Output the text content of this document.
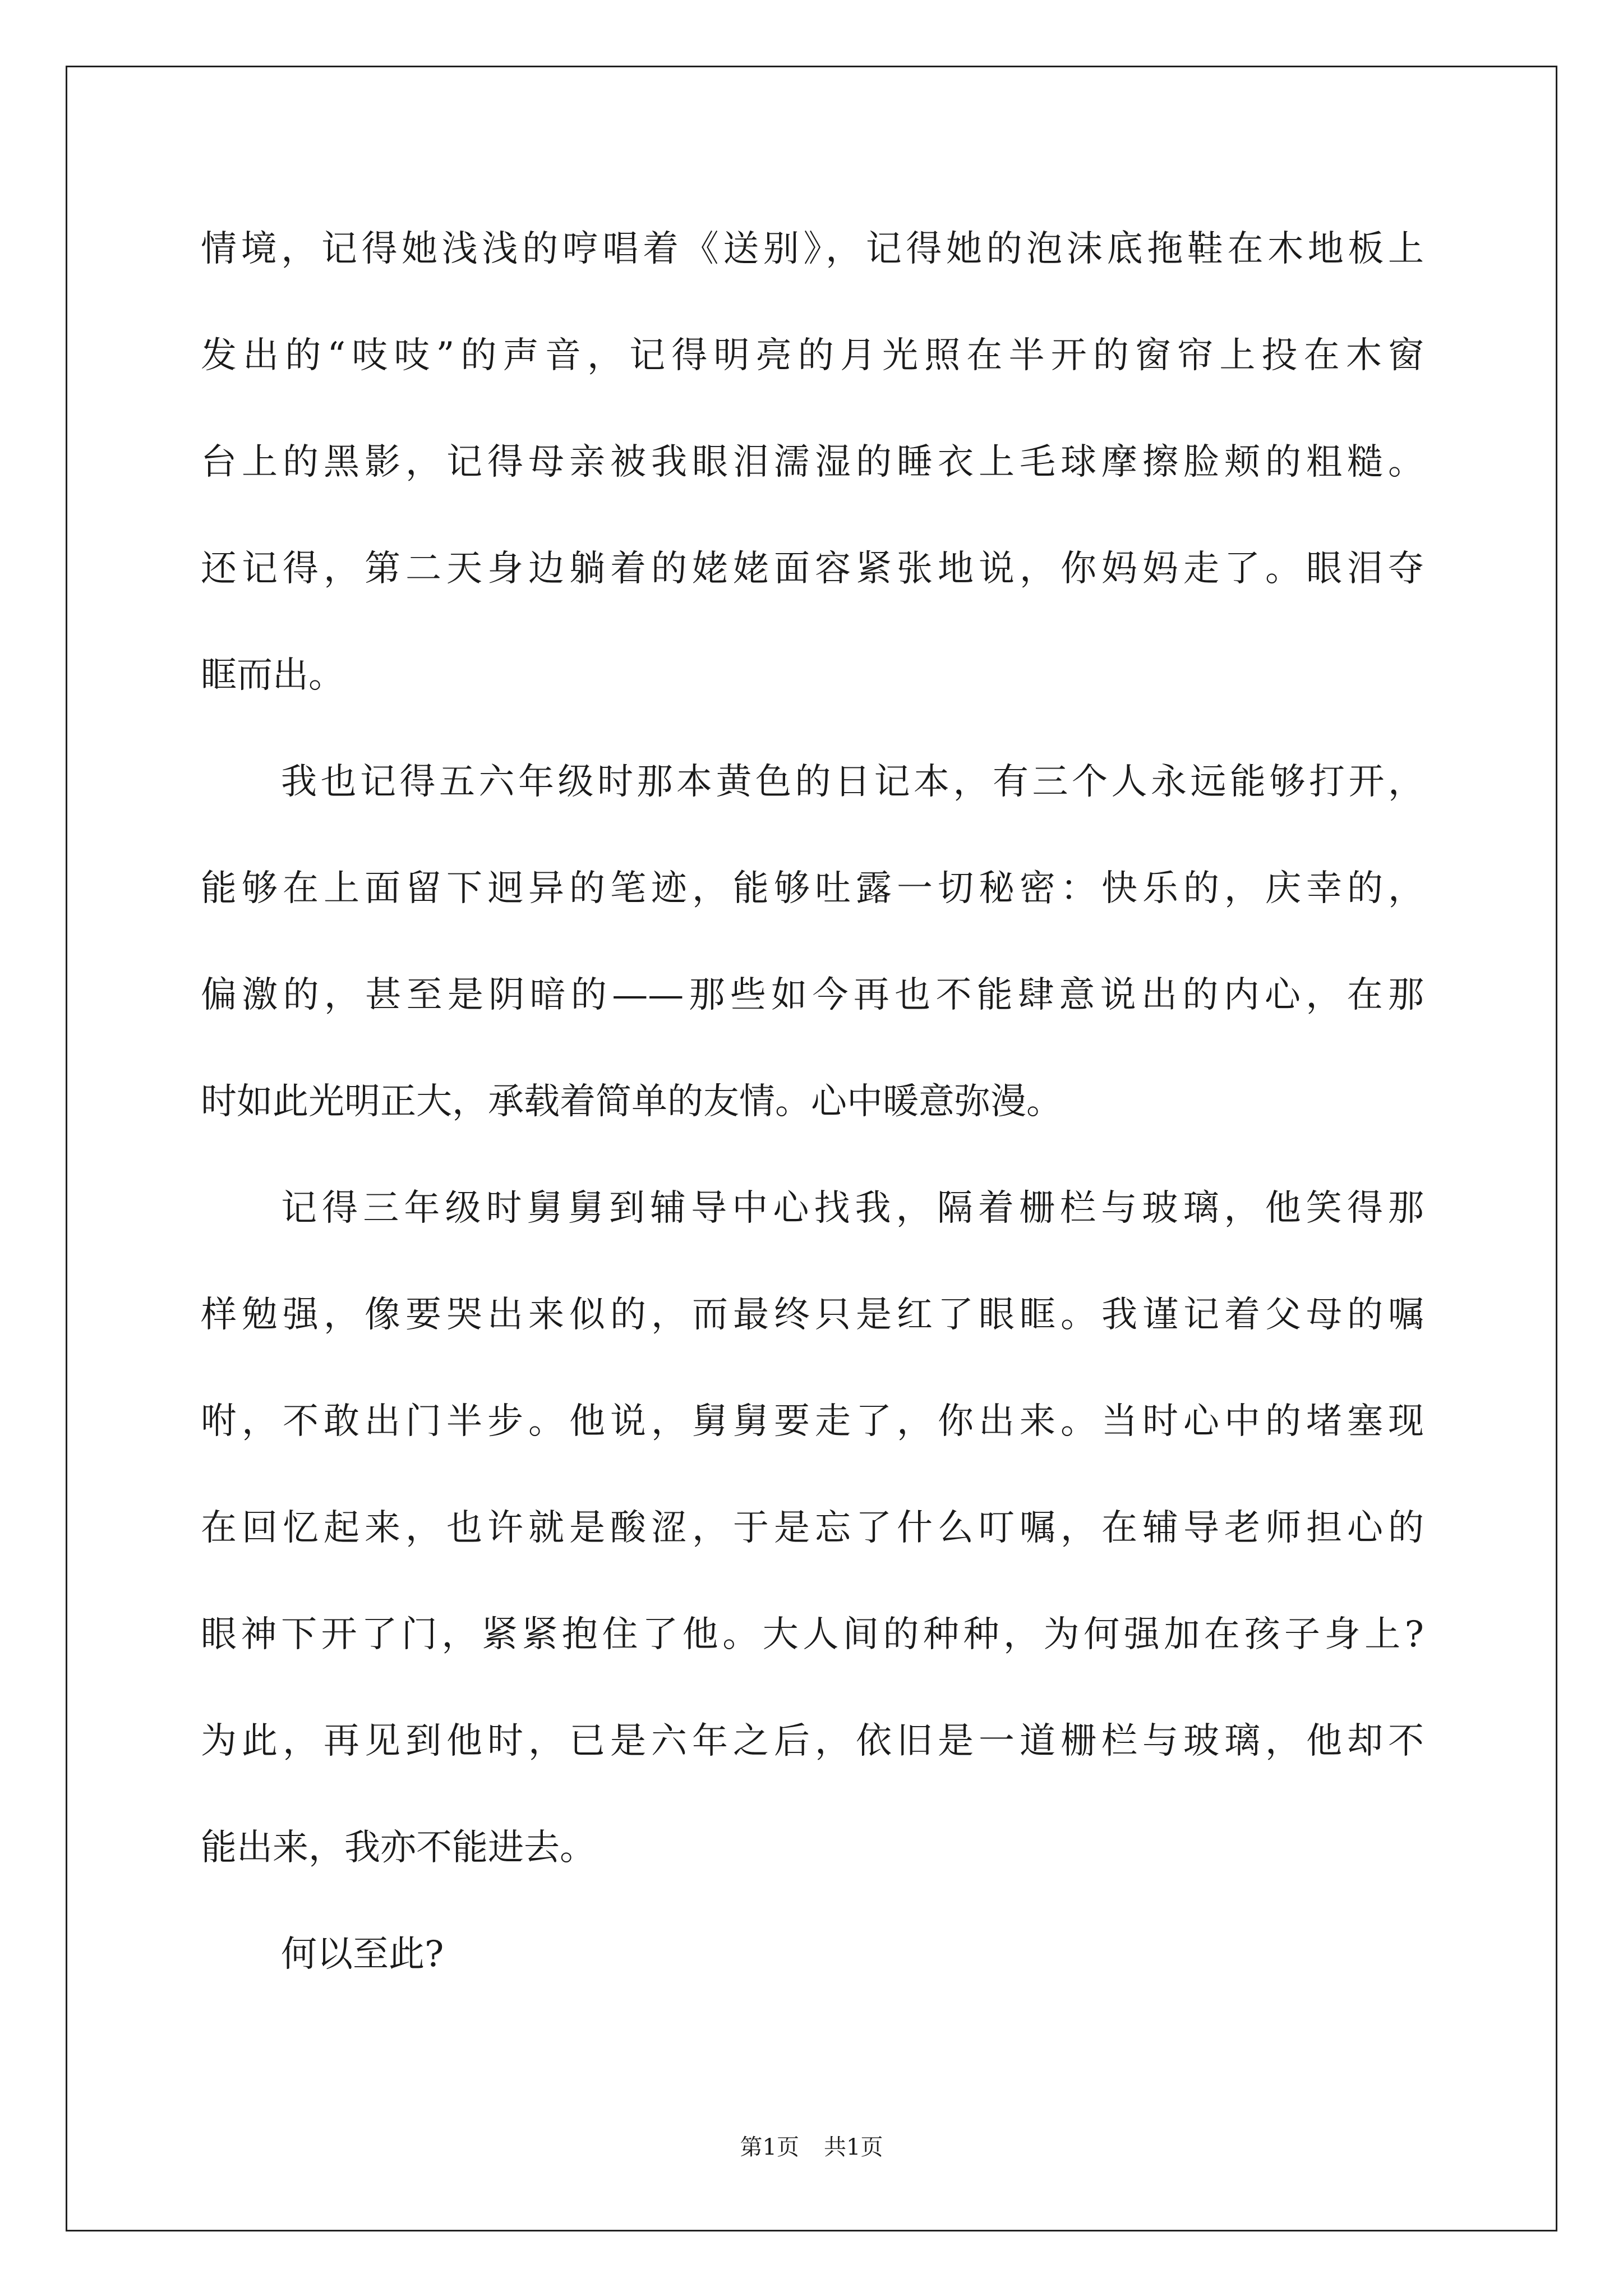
情境，记得她浅浅的哼唱着《送别》，记得她的泡沫底拖鞋在木地板上
发出的“吱吱”的声音，记得明亮的月光照在半开的窗帘上投在木窗
台上的黑影，记得母亲被我眼泪濡湿的睡衣上毛球摩擦脸颊的粗糙。
还记得，第二天身边躺着的姥姥面容紧张地说，你妈妈走了。眼泪夺
眶而出。
我也记得五六年级时那本黄色的日记本，有三个人永远能够打开，
能够在上面留下迥异的笔迹，能够吐露一切秘密：快乐的，庆幸的，
偏激的，甚至是阴暗的——那些如今再也不能肆意说出的内心，在那
时如此光明正大，承载着简单的友情。心中暖意弥漫。
记得三年级时舅舅到辅导中心找我，隔着栅栏与玻璃，他笑得那
样勉强，像要哭出来似的，而最终只是红了眼眶。我谨记着父母的嘱
咐，不敢出门半步。他说，舅舅要走了，你出来。当时心中的堵塞现
在回忆起来，也许就是酸涩，于是忘了什么叮嘱，在辅导老师担心的
眼神下开了门，紧紧抱住了他。大人间的种种，为何强加在孩子身上?
为此，再见到他时，已是六年之后，依旧是一道栅栏与玻璃，他却不
能出来，我亦不能进去。
何以至此?
第1页 共1页
